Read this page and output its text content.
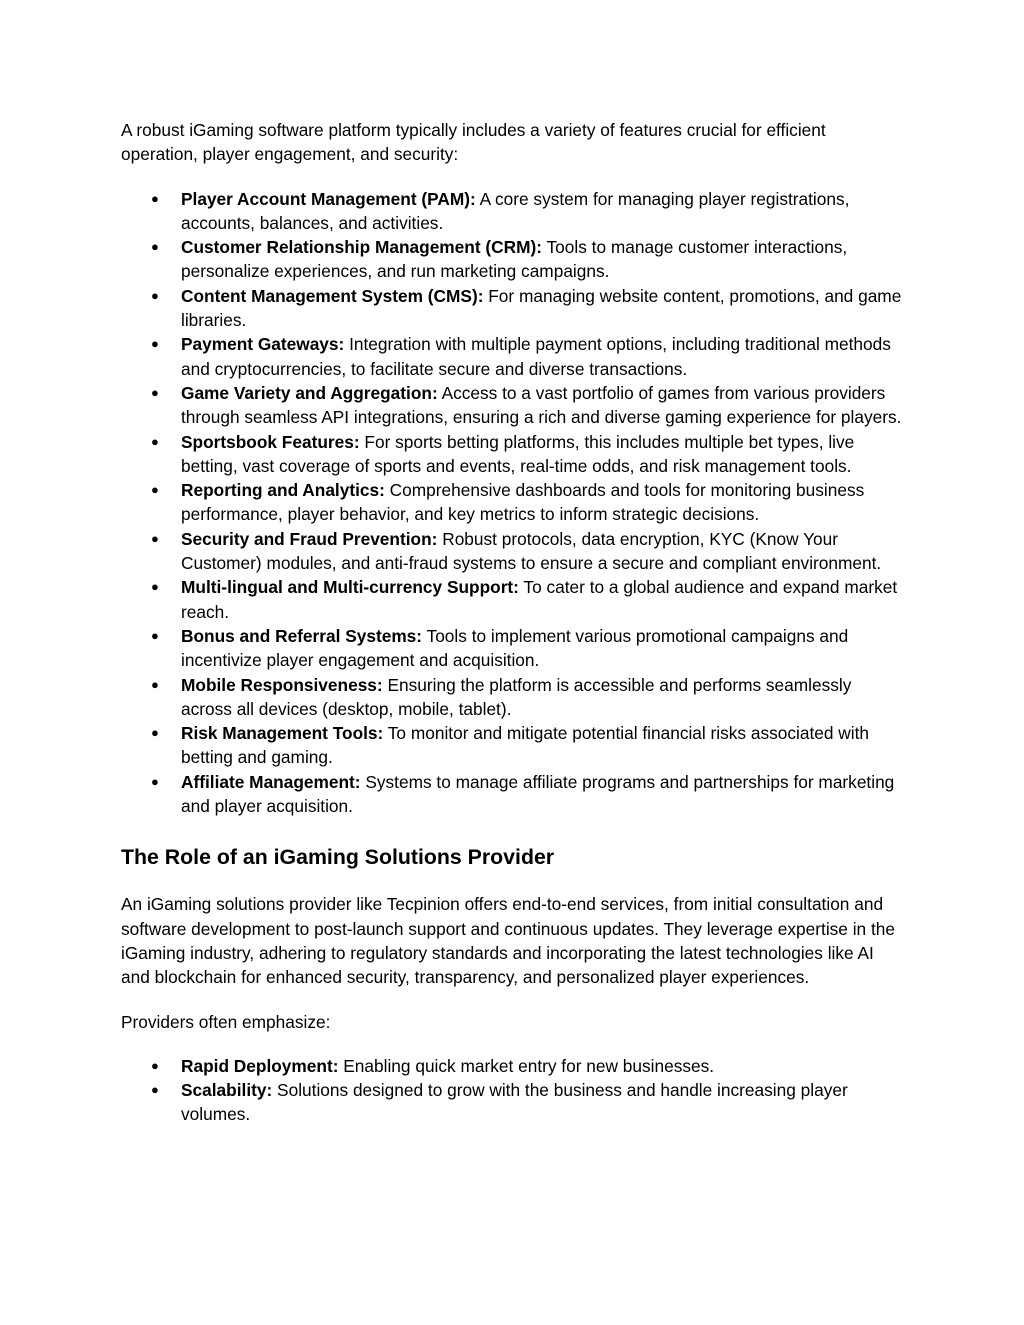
A robust iGaming software platform typically includes a variety of features crucial for efficient operation, player engagement, and security:

● Player Account Management (PAM): A core system for managing player registrations, accounts, balances, and activities.
● Customer Relationship Management (CRM): Tools to manage customer interactions, personalize experiences, and run marketing campaigns.
● Content Management System (CMS): For managing website content, promotions, and game libraries.
● Payment Gateways: Integration with multiple payment options, including traditional methods and cryptocurrencies, to facilitate secure and diverse transactions.
● Game Variety and Aggregation: Access to a vast portfolio of games from various providers through seamless API integrations, ensuring a rich and diverse gaming experience for players.
● Sportsbook Features: For sports betting platforms, this includes multiple bet types, live betting, vast coverage of sports and events, real-time odds, and risk management tools.
● Reporting and Analytics: Comprehensive dashboards and tools for monitoring business performance, player behavior, and key metrics to inform strategic decisions.
● Security and Fraud Prevention: Robust protocols, data encryption, KYC (Know Your Customer) modules, and anti-fraud systems to ensure a secure and compliant environment.
● Multi-lingual and Multi-currency Support: To cater to a global audience and expand market reach.
● Bonus and Referral Systems: Tools to implement various promotional campaigns and incentivize player engagement and acquisition.
● Mobile Responsiveness: Ensuring the platform is accessible and performs seamlessly across all devices (desktop, mobile, tablet).
● Risk Management Tools: To monitor and mitigate potential financial risks associated with betting and gaming.
● Affiliate Management: Systems to manage affiliate programs and partnerships for marketing and player acquisition.
The Role of an iGaming Solutions Provider

An iGaming solutions provider like Tecpinion offers end-to-end services, from initial consultation and software development to post-launch support and continuous updates. They leverage expertise in the iGaming industry, adhering to regulatory standards and incorporating the latest technologies like AI and blockchain for enhanced security, transparency, and personalized player experiences.

Providers often emphasize:

● Rapid Deployment: Enabling quick market entry for new businesses.
● Scalability: Solutions designed to grow with the business and handle increasing player volumes.
